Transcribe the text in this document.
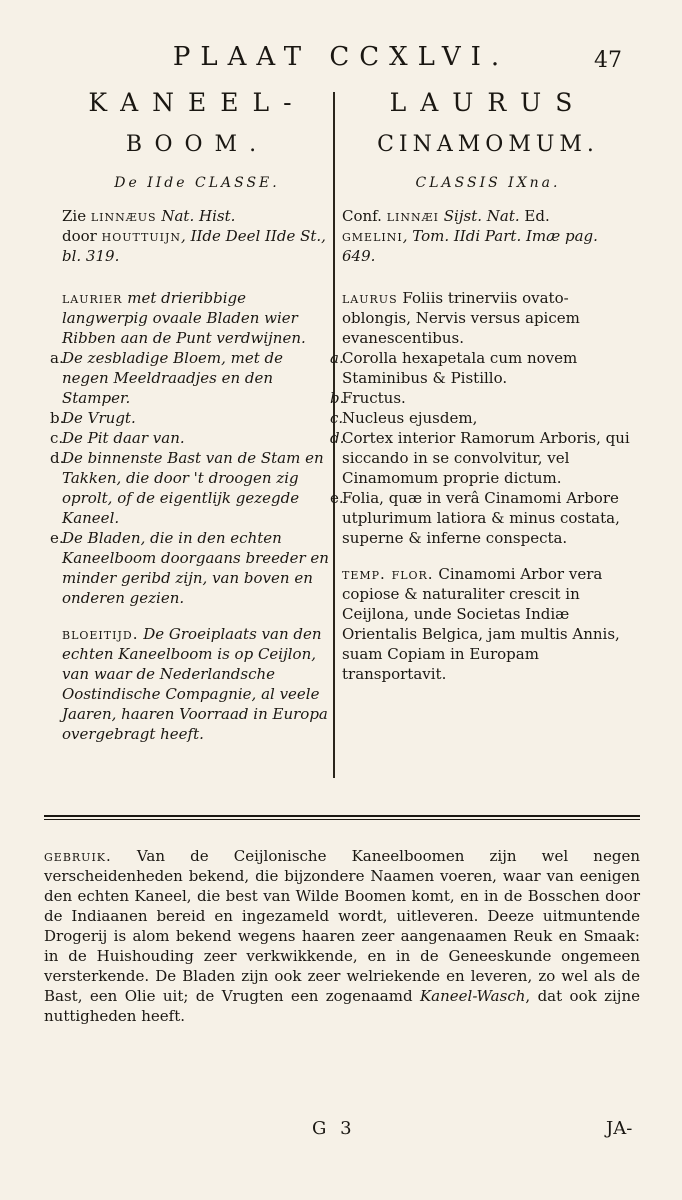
PLAAT CCXLVI.	47
KANEEL-
BOOM.
De IIde CLASSE.
Zie linnæus Nat. Hist.
door houttuijn, IIde Deel IIde St., bl. 319.
laurier met drieribbige langwerpig ovaale Bladen wier Ribben aan de Punt verdwijnen.
a.
De zesbladige Bloem, met de negen Meeldraadjes en den Stamper.
b.
De Vrugt.
c.
De Pit daar van.
d.
De binnenste Bast van de Stam en Takken, die door 't droogen zig oprolt, of de eigentlijk gezegde Kaneel.
e.
De Bladen, die in den echten Kaneelboom doorgaans breeder en minder geribd zijn, van boven en onderen gezien.
bloeitijd. De Groeiplaats van den echten Kaneelboom is op Ceijlon, van waar de Nederlandsche Oostindische Compagnie, al veele Jaaren, haaren Voorraad in Europa overgebragt heeft.
LAURUS
CINAMOMUM.
CLASSIS IXna.
Conf. linnæi Sijst. Nat. Ed.
gmelini, Tom. IIdi Part. Imæ pag. 649.
laurus Foliis trinerviis ovato-oblongis, Nervis versus apicem evanescentibus.
a.
Corolla hexapetala cum novem Staminibus & Pistillo.
b.
Fructus.
c.
Nucleus ejusdem,
d.
Cortex interior Ramorum Arboris, qui siccando in se convolvitur, vel Cinamomum proprie dictum.
e.
Folia, quæ in verâ Cinamomi Arbore utplurimum latiora & minus costata, superne & inferne conspecta.
temp. flor. Cinamomi Arbor vera copiose & naturaliter crescit in Ceijlona, unde Societas Indiæ Orientalis Belgica, jam multis Annis, suam Copiam in Europam transportavit.
gebruik. Van de Ceijlonische Kaneelboomen zijn wel negen verscheidenheden bekend, die bijzondere Naamen voeren, waar van eenigen den echten Kaneel, die best van Wilde Boomen komt, en in de Bosschen door de Indiaanen bereid en ingezameld wordt, uitleveren. Deeze uitmuntende Drogerij is alom bekend wegens haaren zeer aangenaamen Reuk en Smaak: in de Huishouding zeer verkwikkende, en in de Geneeskunde ongemeen versterkende. De Bladen zijn ook zeer welriekende en leveren, zo wel als de Bast, een Olie uit; de Vrugten een zogenaamd Kaneel-Wasch, dat ook zijne nuttigheden heeft.
G 3	JA-
